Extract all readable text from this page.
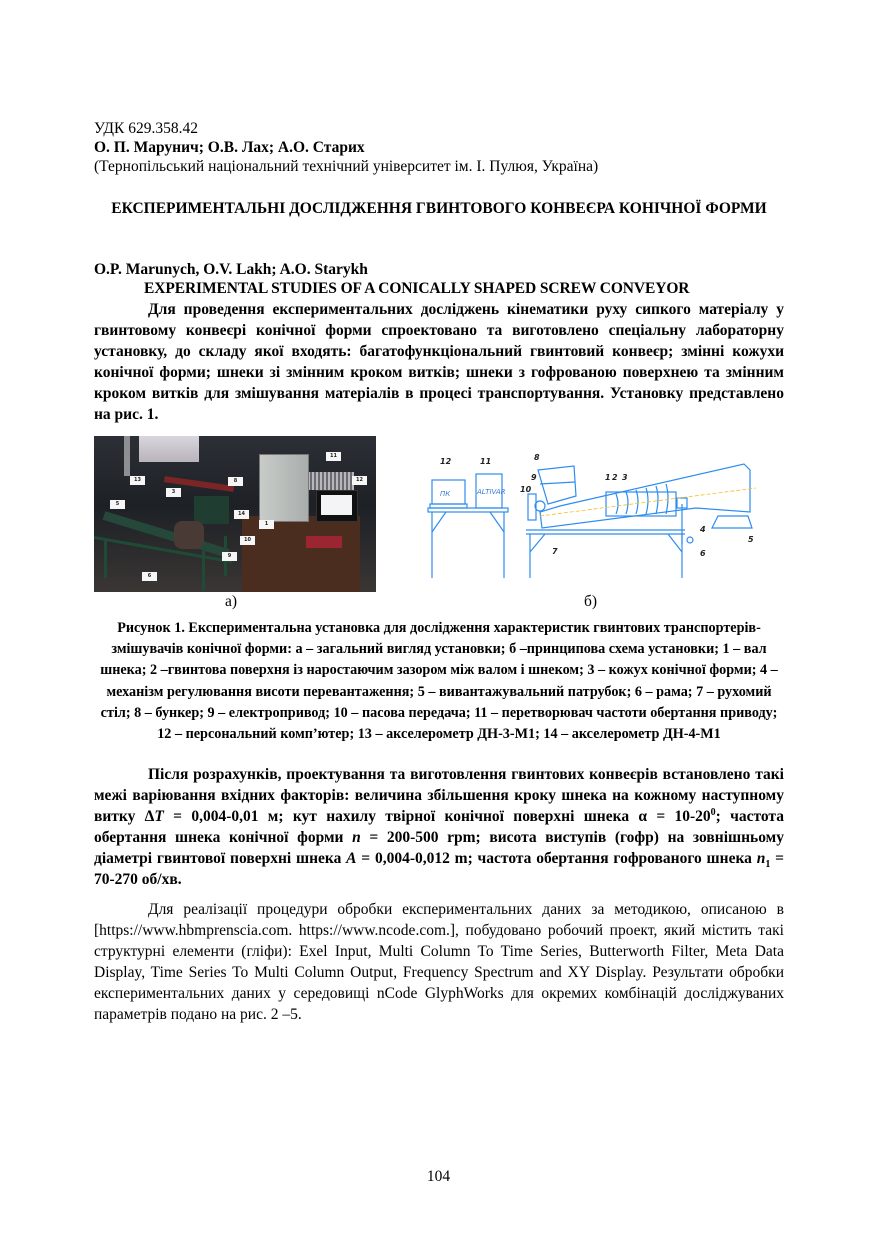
УДК 629.358.42
О. П. Марунич; О.В. Лах; А.О. Старих
(Тернопільський національний технічний університет ім. І. Пулюя, Україна)
ЕКСПЕРИМЕНТАЛЬНІ ДОСЛІДЖЕННЯ ГВИНТОВОГО КОНВЕЄРА КОНІЧНОЇ ФОРМИ
O.P. Marunych, O.V. Lakh; A.O. Starykh
EXPERIMENTAL STUDIES OF A CONICALLY SHAPED SCREW CONVEYOR
Для проведення експериментальних досліджень кінематики руху сипкого матеріалу у гвинтовому конвеєрі конічної форми спроектовано та виготовлено спеціальну лабораторну установку, до складу якої входять: багатофункціональний гвинтовий конвеєр; змінні кожухи конічної форми; шнеки зі змінним кроком витків; шнеки з гофрованою поверхнею та змінним кроком витків для змішування матеріалів в процесі транспортування. Установку представлено на рис. 1.
Рисунок 1. Експериментальна установка для дослідження характеристик гвинтових транспортерів-змішувачів конічної форми: а – загальний вигляд установки; б –принципова схема установки; 1 – вал шнека; 2 –гвинтова поверхня із наростаючим зазором між валом і шнеком; 3 – кожух конічної форми; 4 – механізм регулювання висоти перевантаження; 5 – вивантажувальний патрубок; 6 – рама; 7 – рухомий стіл; 8 – бункер; 9 – електропривод; 10 – пасова передача; 11 – перетворювач частоти обертання приводу; 12 – персональний комп’ютер; 13 – акселерометр ДН-3-М1; 14 – акселерометр ДН-4-М1
Після розрахунків, проектування та виготовлення гвинтових конвеєрів встановлено такі межі варіювання вхідних факторів: величина збільшення кроку шнека на кожному наступному витку ΔT = 0,004-0,01 м; кут нахилу твірної конічної поверхні шнека $\alpha = 10-20^0$; частота обертання шнека конічної форми n = 200-500 rpm; висота виступів (гофр) на зовнішньому діаметрі гвинтової поверхні шнека A = 0,004-0,012 m; частота обертання гофрованого шнека $n_1 = 70-270$ об/хв.
Для реалізації процедури обробки експериментальних даних за методикою, описаною в [https://www.hbmprenscia.com. https://www.ncode.com.], побудовано робочий проект, який містить такі структурні елементи (гліфи): Exel Input, Multi Column To Time Series, Butterworth Filter, Meta Data Display, Time Series To Multi Column Output, Frequency Spectrum and XY Display. Результати обробки експериментальних даних у середовищі nCode GlyphWorks для окремих комбінацій досліджуваних параметрів подано на рис. 2 –5.
13
3
8
5
14
1
11
12
10
9
6
а)
ПК	ALTIVAR
1 2 3
4
5
6
7
8
9
10
11
12
б)
104
